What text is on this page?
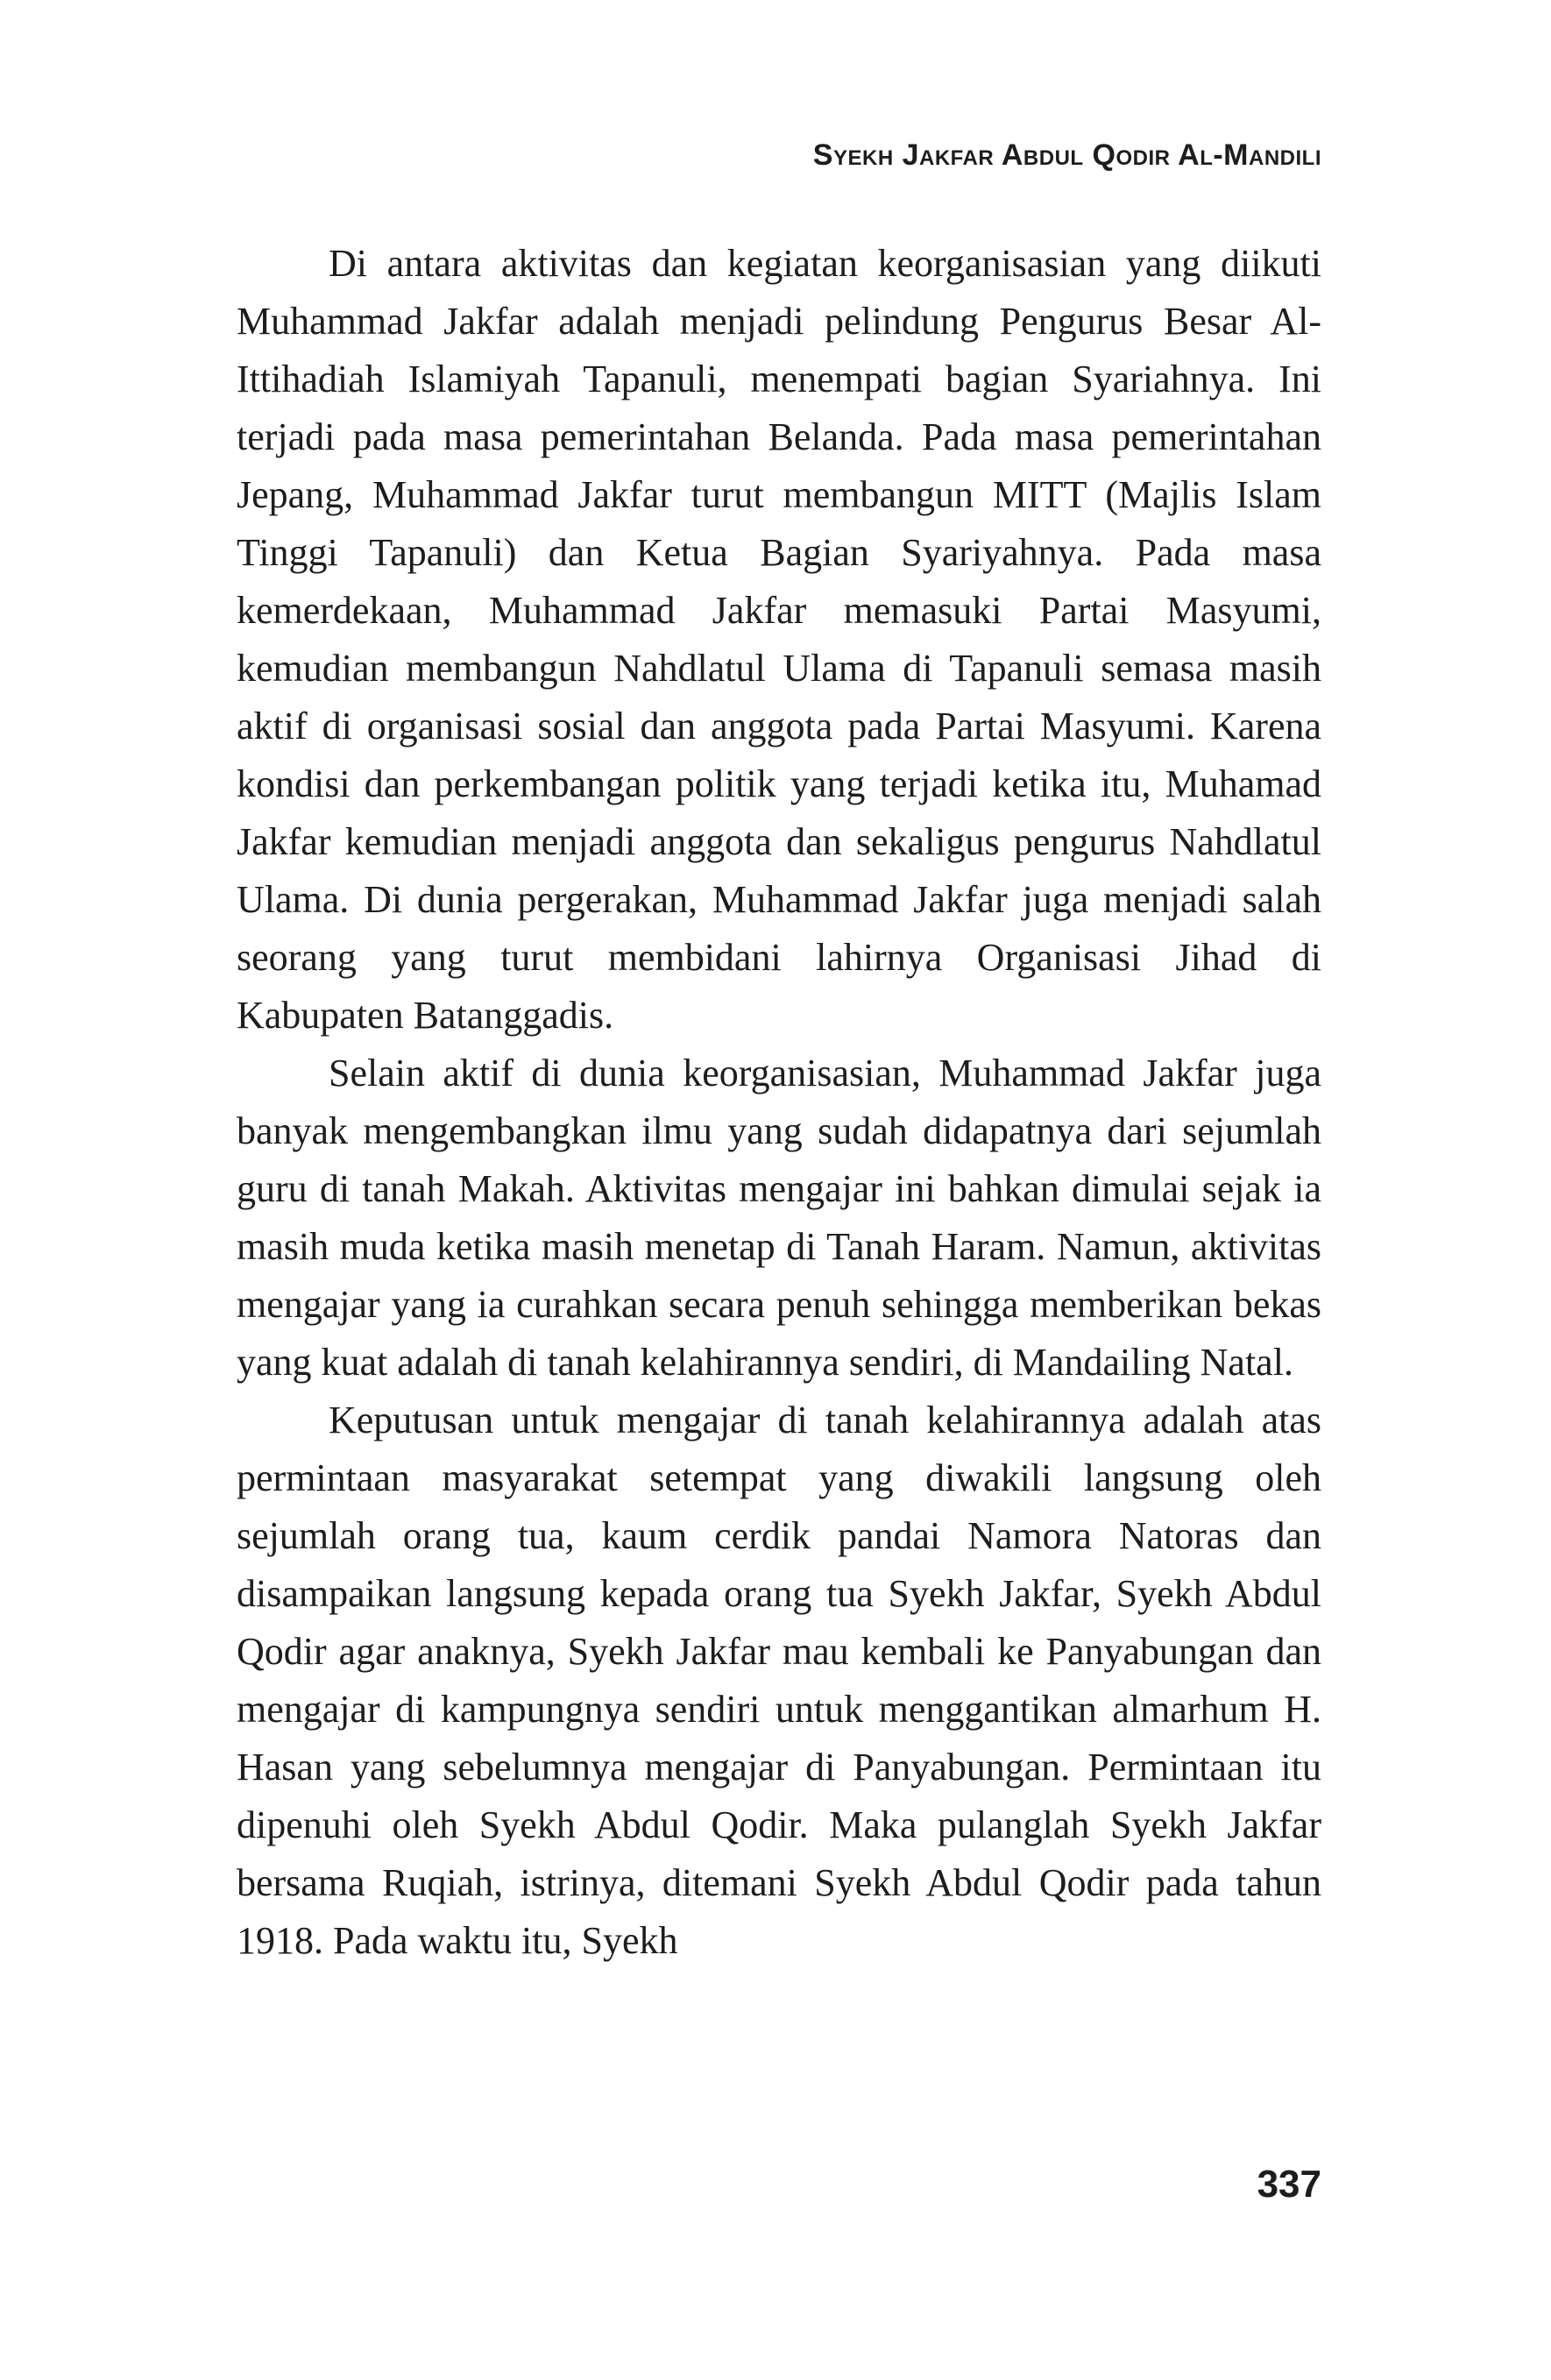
Syekh Jakfar Abdul Qodir Al-Mandili

Di antara aktivitas dan kegiatan keorganisasian yang diikuti Muhammad Jakfar adalah menjadi pelindung Pengurus Besar Al-Ittihadiah Islamiyah Tapanuli, menempati bagian Syariahnya. Ini terjadi pada masa pemerintahan Belanda. Pada masa pemerintahan Jepang, Muhammad Jakfar turut membangun MITT (Majlis Islam Tinggi Tapanuli) dan Ketua Bagian Syariyahnya. Pada masa kemerdekaan, Muhammad Jakfar memasuki Partai Masyumi, kemudian membangun Nahdlatul Ulama di Tapanuli semasa masih aktif di organisasi sosial dan anggota pada Partai Masyumi. Karena kondisi dan perkembangan politik yang terjadi ketika itu, Muhamad Jakfar kemudian menjadi anggota dan sekaligus pengurus Nahdlatul Ulama. Di dunia pergerakan, Muhammad Jakfar juga menjadi salah seorang yang turut membidani lahirnya Organisasi Jihad di Kabupaten Batanggadis.

Selain aktif di dunia keorganisasian, Muhammad Jakfar juga banyak mengembangkan ilmu yang sudah didapatnya dari sejumlah guru di tanah Makah. Aktivitas mengajar ini bahkan dimulai sejak ia masih muda ketika masih menetap di Tanah Haram. Namun, aktivitas mengajar yang ia curahkan secara penuh sehingga memberikan bekas yang kuat adalah di tanah kelahirannya sendiri, di Mandailing Natal.

Keputusan untuk mengajar di tanah kelahirannya adalah atas permintaan masyarakat setempat yang diwakili langsung oleh sejumlah orang tua, kaum cerdik pandai Namora Natoras dan disampaikan langsung kepada orang tua Syekh Jakfar, Syekh Abdul Qodir agar anaknya, Syekh Jakfar mau kembali ke Panyabungan dan mengajar di kampungnya sendiri untuk menggantikan almarhum H. Hasan yang sebelumnya mengajar di Panyabungan. Permintaan itu dipenuhi oleh Syekh Abdul Qodir. Maka pulanglah Syekh Jakfar bersama Ruqiah, istrinya, ditemani Syekh Abdul Qodir pada tahun 1918. Pada waktu itu, Syekh

337
